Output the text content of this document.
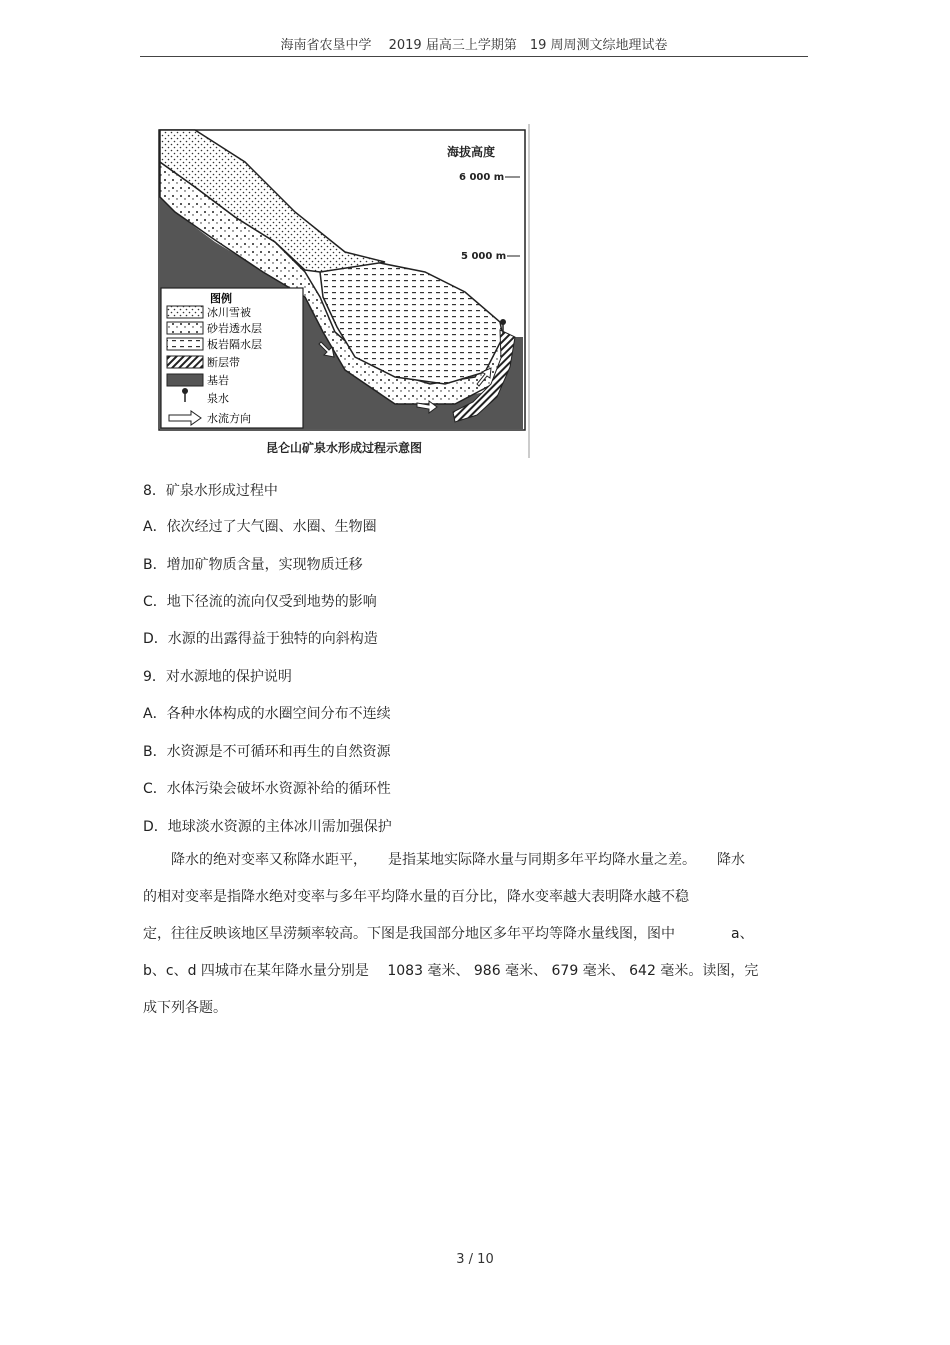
海南省农垦中学　 2019 届高三上学期第　19 周周测文综地理试卷
海拔高度
6 000 m
5 000 m
图例
冰川雪被
砂岩透水层
板岩隔水层
断层带
基岩
泉水
水流方向
昆仑山矿泉水形成过程示意图
8．矿泉水形成过程中
A．依次经过了大气圈、水圈、生物圈
B．增加矿物质含量，实现物质迁移
C．地下径流的流向仅受到地势的影响
D．水源的出露得益于独特的向斜构造
9．对水源地的保护说明
A．各种水体构成的水圈空间分布不连续
B．水资源是不可循环和再生的自然资源
C．水体污染会破坏水资源补给的循环性
D．地球淡水资源的主体冰川需加强保护

　　降水的绝对变率又称降水距平，　　是指某地实际降水量与同期多年平均降水量之差。　　降水

的相对变率是指降水绝对变率与多年平均降水量的百分比，降水变率越大表明降水越不稳

定，往往反映该地区旱涝频率较高。下图是我国部分地区多年平均等降水量线图，图中　　　　a、

b、c、d 四城市在某年降水量分别是　 1083 毫米、 986 毫米、 679 毫米、 642 毫米。读图，完

成下列各题。

3 / 10
